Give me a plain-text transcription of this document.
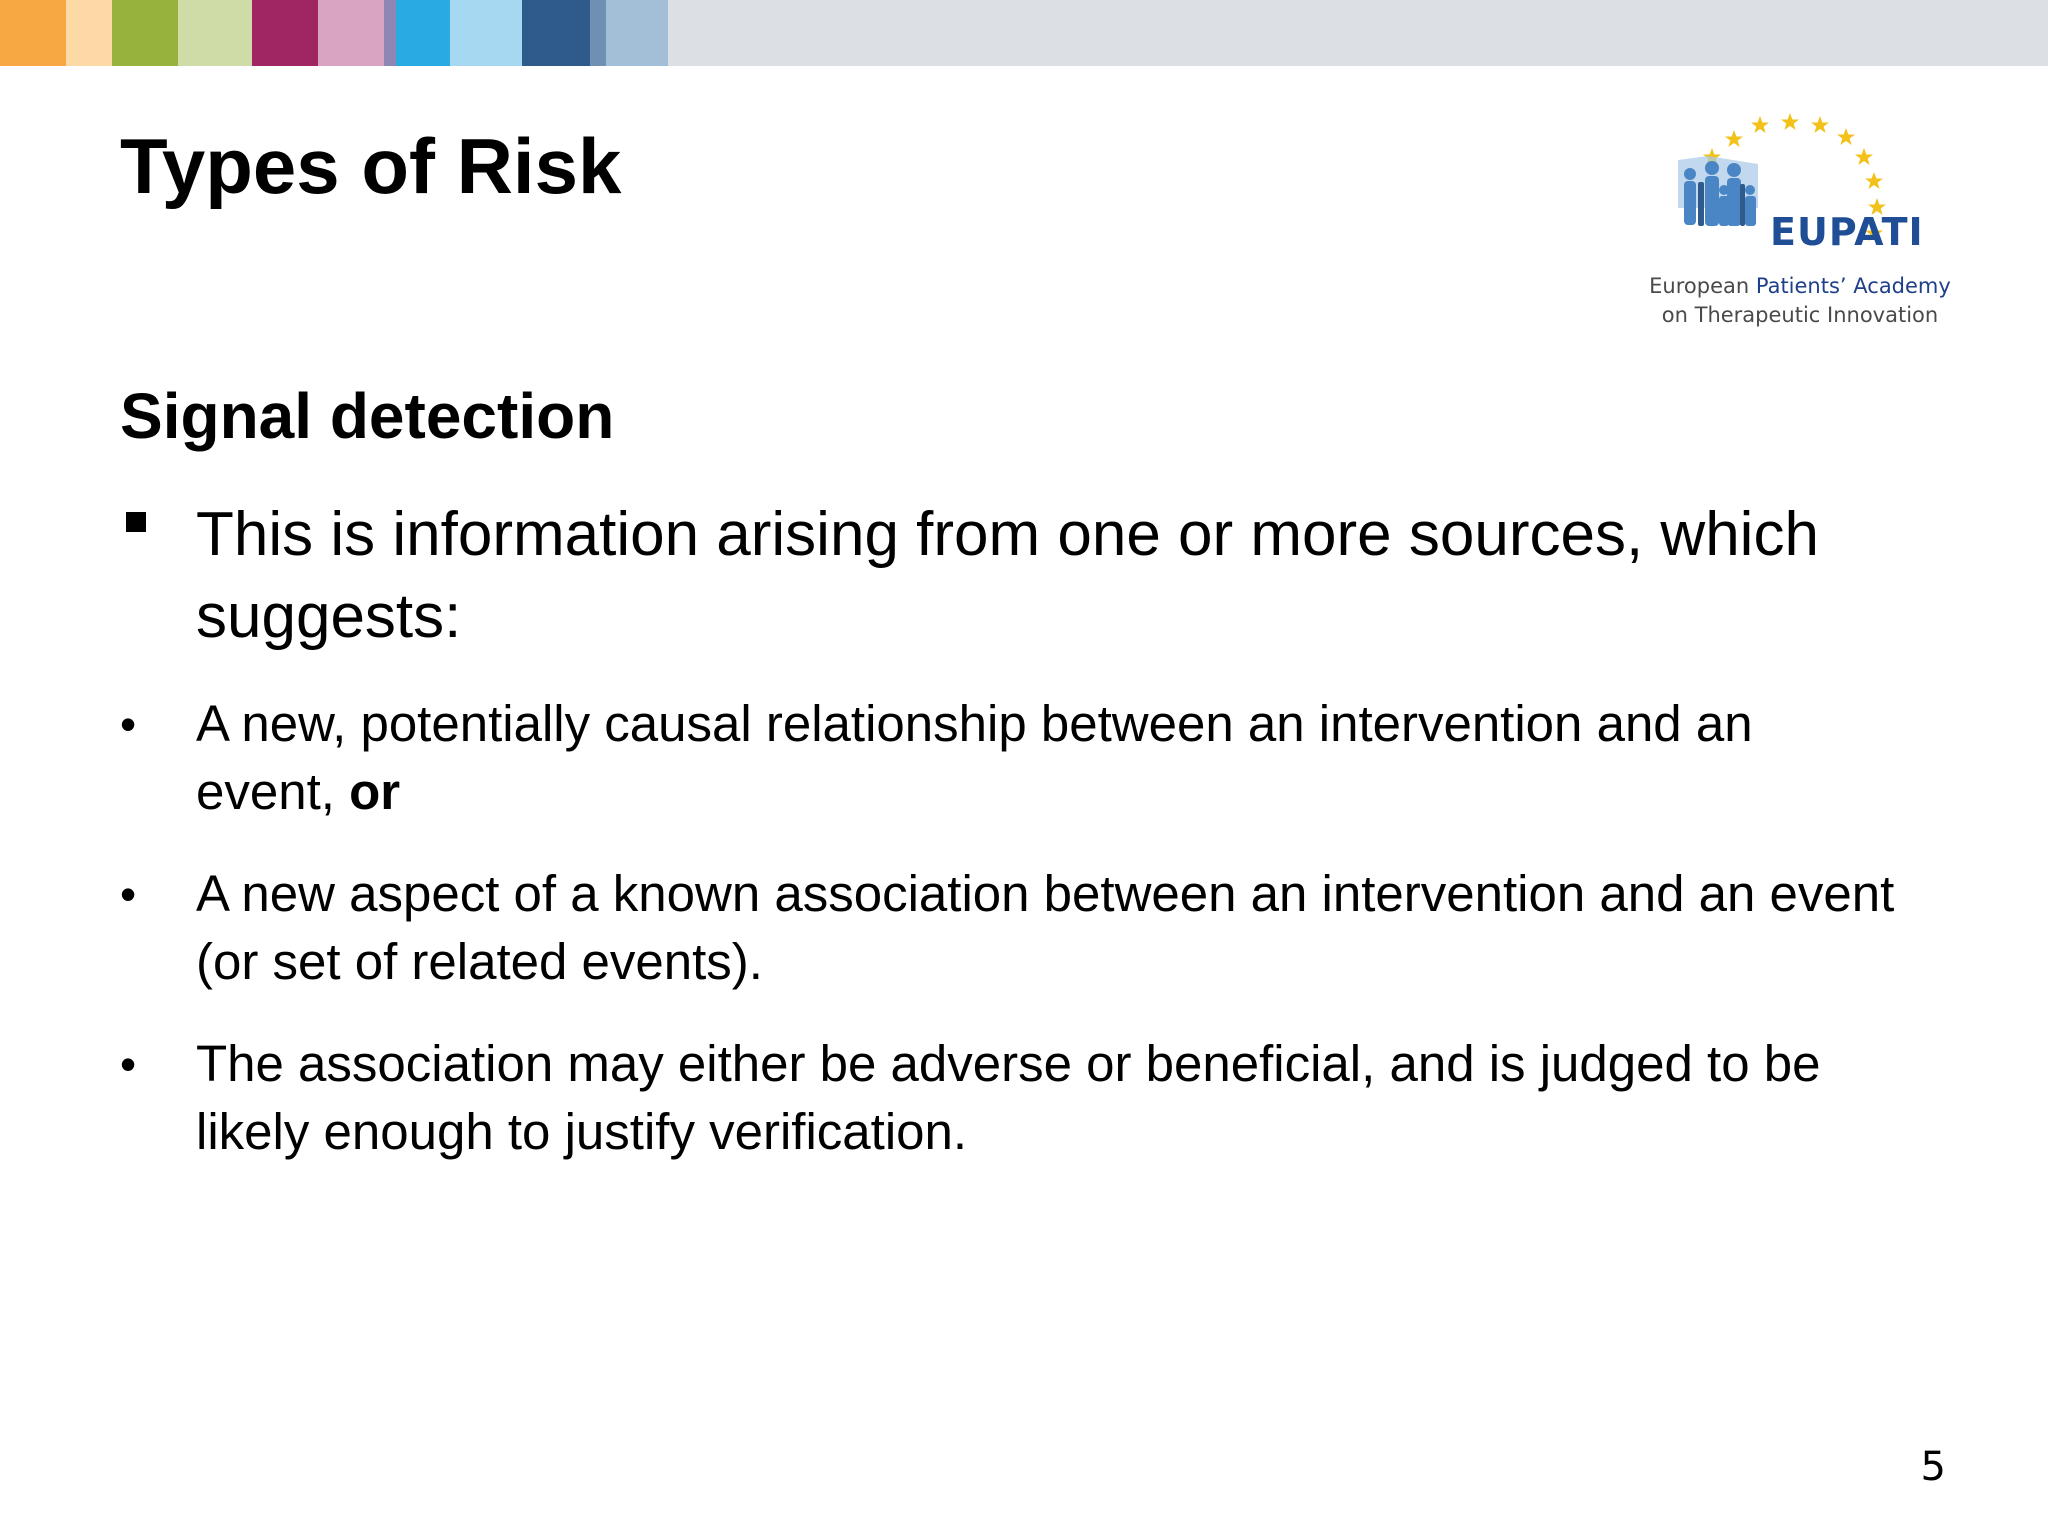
Types of Risk
EUPATI
European Patients’ Academy
on Therapeutic Innovation
Signal detection
This is information arising from one or more sources, which suggests:
• A new, potentially causal relationship between an intervention and an event, or
• A new aspect of a known association between an intervention and an event (or set of related events).
• The association may either be adverse or beneficial, and is judged to be likely enough to justify verification.
5
